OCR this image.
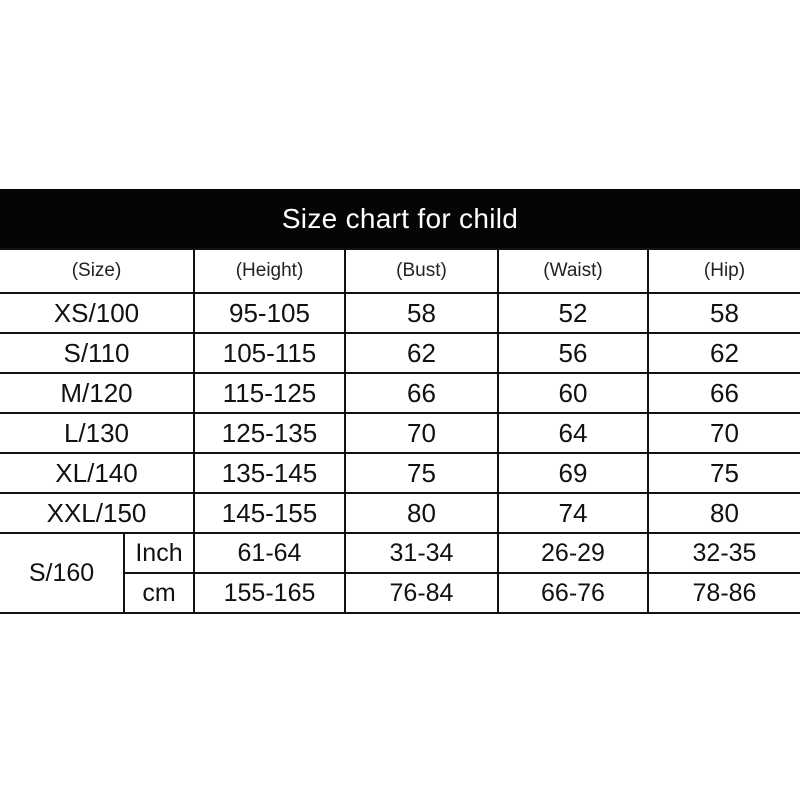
Size chart for child
(Size)		(Height)	(Bust)	(Waist)	(Hip)
XS/100		95-105	58	52	58
S/110		105-115	62	56	62
M/120		115-125	66	60	66
L/130		125-135	70	64	70
XL/140		135-145	75	69	75
XXL/150		145-155	80	74	80
S/160	Inch	61-64	31-34	26-29	32-35
	cm	155-165	76-84	66-76	78-86
